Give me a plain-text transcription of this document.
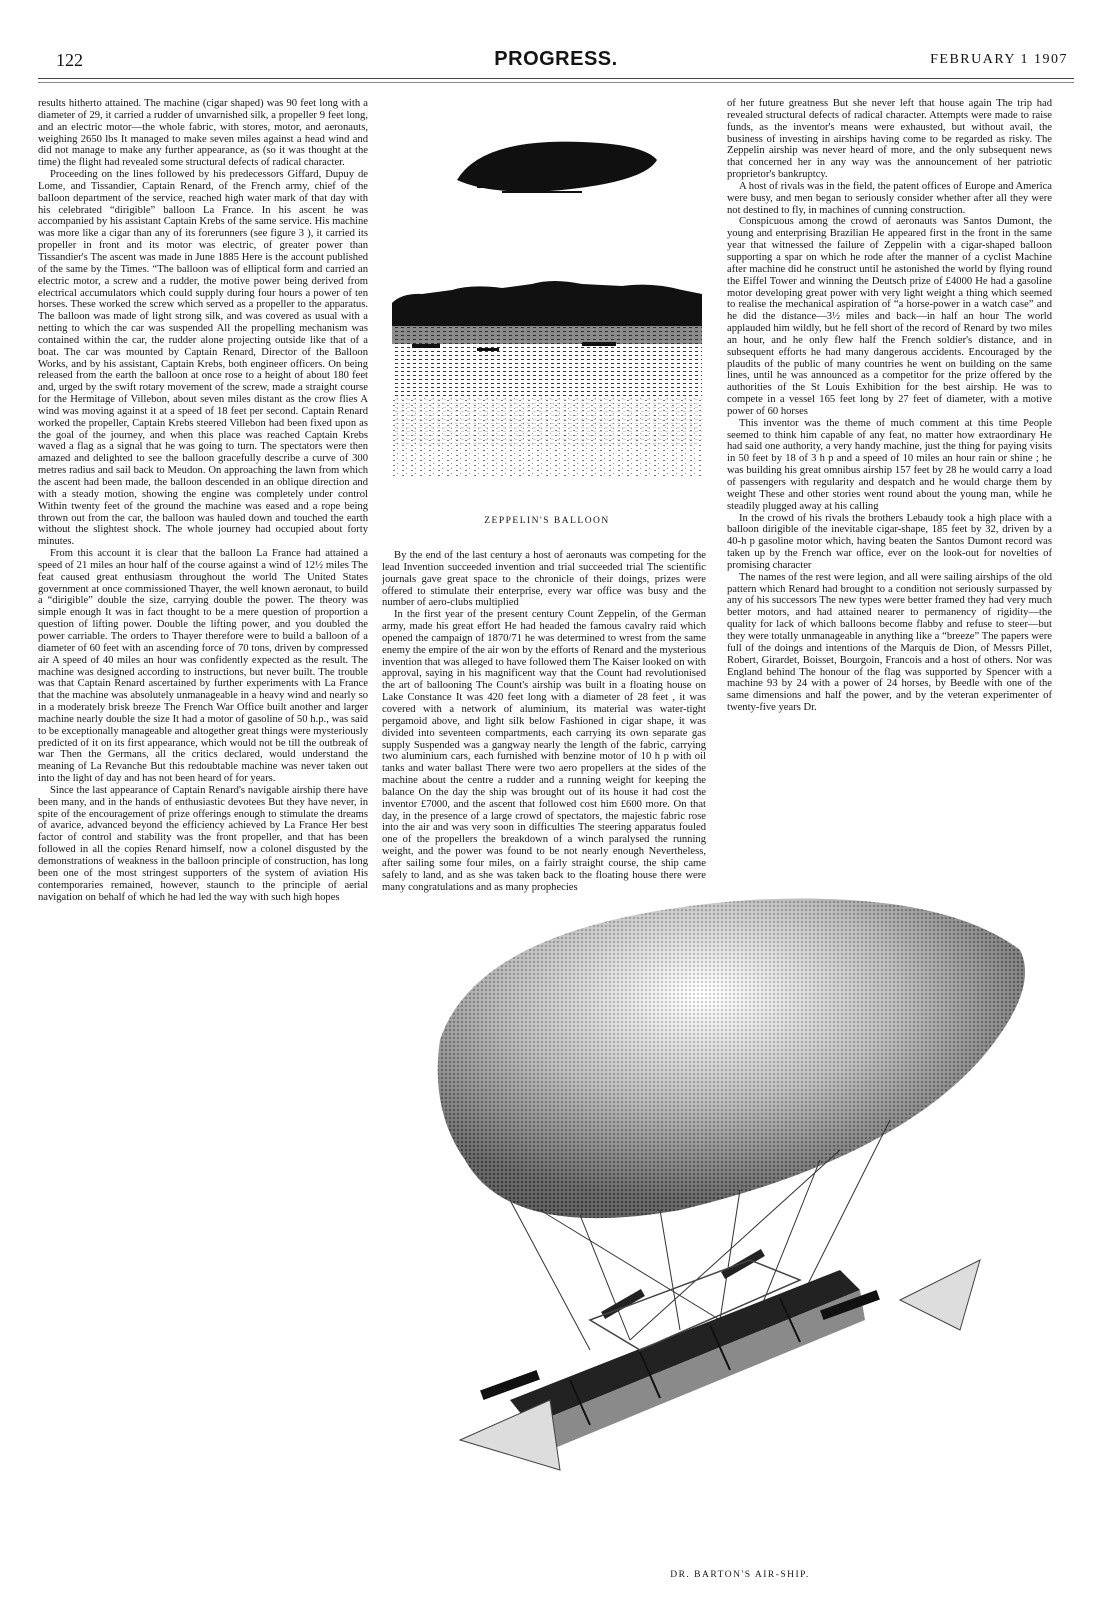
122	PROGRESS.	FEBRUARY 1 1907

results hitherto attained. The machine (cigar shaped) was 90 feet long with a diameter of 29, it carried a rudder of unvarnished silk, a propeller 9 feet long, and an electric motor—the whole fabric, with stores, motor, and aeronauts, weighing 2650 lbs It managed to make seven miles against a head wind and did not manage to make any further appearance, as (so it was thought at the time) the flight had revealed some structural defects of radical character.

Proceeding on the lines followed by his predecessors Giffard, Dupuy de Lome, and Tissandier, Captain Renard, of the French army, chief of the balloon department of the service, reached high water mark of that day with his celebrated “dirigible” balloon La France. In his ascent he was accompanied by his assistant Captain Krebs of the same service. His machine was more like a cigar than any of its forerunners (see figure 3 ), it carried its propeller in front and its motor was electric, of greater power than Tissandier's The ascent was made in June 1885 Here is the account published of the same by the Times. “The balloon was of elliptical form and carried an electric motor, a screw and a rudder, the motive power being derived from electrical accumulators which could supply during four hours a power of ten horses. These worked the screw which served as a propeller to the apparatus. The balloon was made of light strong silk, and was covered as usual with a netting to which the car was suspended All the propelling mechanism was contained within the car, the rudder alone projecting outside like that of a boat. The car was mounted by Captain Renard, Director of the Balloon Works, and by his assistant, Captain Krebs, both engineer officers. On being released from the earth the balloon at once rose to a height of about 180 feet and, urged by the swift rotary movement of the screw, made a straight course for the Hermitage of Villebon, about seven miles distant as the crow flies A wind was moving against it at a speed of 18 feet per second. Captain Renard worked the propeller, Captain Krebs steered Villebon had been fixed upon as the goal of the journey, and when this place was reached Captain Krebs waved a flag as a signal that he was going to turn. The spectators were then amazed and delighted to see the balloon gracefully describe a curve of 300 metres radius and sail back to Meudon. On approaching the lawn from which the ascent had been made, the balloon descended in an oblique direction and with a steady motion, showing the engine was completely under control Within twenty feet of the ground the machine was eased and a rope being thrown out from the car, the balloon was hauled down and touched the earth without the slightest shock. The whole journey had occupied about forty minutes.

From this account it is clear that the balloon La France had attained a speed of 21 miles an hour half of the course against a wind of 12½ miles The feat caused great enthusiasm throughout the world The United States government at once commissioned Thayer, the well known aeronaut, to build a “dirigible” double the size, carrying double the power. The theory was simple enough It was in fact thought to be a mere question of proportion a question of lifting power. Double the lifting power, and you doubled the power carriable. The orders to Thayer therefore were to build a balloon of a diameter of 60 feet with an ascending force of 70 tons, driven by compressed air A speed of 40 miles an hour was confidently expected as the result. The machine was designed according to instructions, but never built. The trouble was that Captain Renard ascertained by further experiments with La France that the machine was absolutely unmanageable in a heavy wind and nearly so in a moderately brisk breeze The French War Office built another and larger machine nearly double the size It had a motor of gasoline of 50 h.p., was said to be exceptionally manageable and altogether great things were mysteriously predicted of it on its first appearance, which would not be till the outbreak of war Then the Germans, all the critics declared, would understand the meaning of La Revanche But this redoubtable machine was never taken out into the light of day and has not been heard of for years.

Since the last appearance of Captain Renard's navigable airship there have been many, and in the hands of enthusiastic devotees But they have never, in spite of the encouragement of prize offerings enough to stimulate the dreams of avarice, advanced beyond the efficiency achieved by La France Her best factor of control and stability was the front propeller, and that has been followed in all the copies Renard himself, now a colonel disgusted by the demonstrations of weakness in the balloon principle of construction, has long been one of the most stringest supporters of the system of aviation His contemporaries remained, however, staunch to the principle of aerial navigation on behalf of which he had led the way with such high hopes

ZEPPELIN'S BALLOON

By the end of the last century a host of aeronauts was competing for the lead Invention succeeded invention and trial succeeded trial The scientific journals gave great space to the chronicle of their doings, prizes were offered to stimulate their enterprise, every war office was busy and the number of aero-clubs multiplied

In the first year of the present century Count Zeppelin, of the German army, made his great effort He had headed the famous cavalry raid which opened the campaign of 1870/71 he was determined to wrest from the same enemy the empire of the air won by the efforts of Renard and the mysterious invention that was alleged to have followed them The Kaiser looked on with approval, saying in his magnificent way that the Count had revolutionised the art of ballooning The Count's airship was built in a floating house on Lake Constance It was 420 feet long with a diameter of 28 feet , it was covered with a network of aluminium, its material was water-tight pergamoid above, and light silk below Fashioned in cigar shape, it was divided into seventeen compartments, each carrying its own separate gas supply Suspended was a gangway nearly the length of the fabric, carrying two aluminium cars, each furnished with benzine motor of 10 h p with oil tanks and water ballast There were two aero propellers at the sides of the machine about the centre a rudder and a running weight for keeping the balance On the day the ship was brought out of its house it had cost the inventor £7000, and the ascent that followed cost him £600 more. On that day, in the presence of a large crowd of spectators, the majestic fabric rose into the air and was very soon in difficulties The steering apparatus fouled one of the propellers the breakdown of a winch paralysed the running weight, and the power was found to be not nearly enough Nevertheless, after sailing some four miles, on a fairly straight course, the ship came safely to land, and as she was taken back to the floating house there were many congratulations and as many prophecies

of her future greatness But she never left that house again The trip had revealed structural defects of radical character. Attempts were made to raise funds, as the inventor's means were exhausted, but without avail, the business of investing in airships having come to be regarded as risky. The Zeppelin airship was never heard of more, and the only subsequent news that concerned her in any way was the announcement of her patriotic proprietor's bankruptcy.

A host of rivals was in the field, the patent offices of Europe and America were busy, and men began to seriously consider whether after all they were not destined to fly, in machines of cunning construction.

Conspicuous among the crowd of aeronauts was Santos Dumont, the young and enterprising Brazilian He appeared first in the front in the same year that witnessed the failure of Zeppelin with a cigar-shaped balloon supporting a spar on which he rode after the manner of a cyclist Machine after machine did he construct until he astonished the world by flying round the Eiffel Tower and winning the Deutsch prize of £4000 He had a gasoline motor developing great power with very light weight a thing which seemed to realise the mechanical aspiration of “a horse-power in a watch case” and he did the distance—3½ miles and back—in half an hour The world applauded him wildly, but he fell short of the record of Renard by two miles an hour, and he only flew half the French soldier's distance, and in subsequent efforts he had many dangerous accidents. Encouraged by the plaudits of the public of many countries he went on building on the same lines, until he was announced as a competitor for the prize offered by the authorities of the St Louis Exhibition for the best airship. He was to compete in a vessel 165 feet long by 27 feet of diameter, with a motive power of 60 horses

This inventor was the theme of much comment at this time People seemed to think him capable of any feat, no matter how extraordinary He had said one authority, a very handy machine, just the thing for paying visits in 50 feet by 18 of 3 h p and a speed of 10 miles an hour rain or shine ; he was building his great omnibus airship 157 feet by 28 he would carry a load of passengers with regularity and despatch and he would charge them by weight These and other stories went round about the young man, while he steadily plugged away at his calling

In the crowd of his rivals the brothers Lebaudy took a high place with a balloon dirigible of the inevitable cigar-shape, 185 feet by 32, driven by a 40-h p gasoline motor which, having beaten the Santos Dumont record was taken up by the French war office, ever on the look-out for novelties of promising character

The names of the rest were legion, and all were sailing airships of the old pattern which Renard had brought to a condition not seriously surpassed by any of his successors The new types were better framed they had very much better motors, and had attained nearer to permanency of rigidity—the quality for lack of which balloons become flabby and refuse to steer—but they were totally unmanageable in anything like a “breeze” The papers were full of the doings and intentions of the Marquis de Dion, of Messrs Pillet, Robert, Girardet, Boisset, Bourgoin, Francois and a host of others. Nor was England behind The honour of the flag was supported by Spencer with a machine 93 by 24 with a power of 24 horses, by Beedle with one of the same dimensions and half the power, and by the veteran experimenter of twenty-five years Dr.

DR. BARTON'S AIR-SHIP.
